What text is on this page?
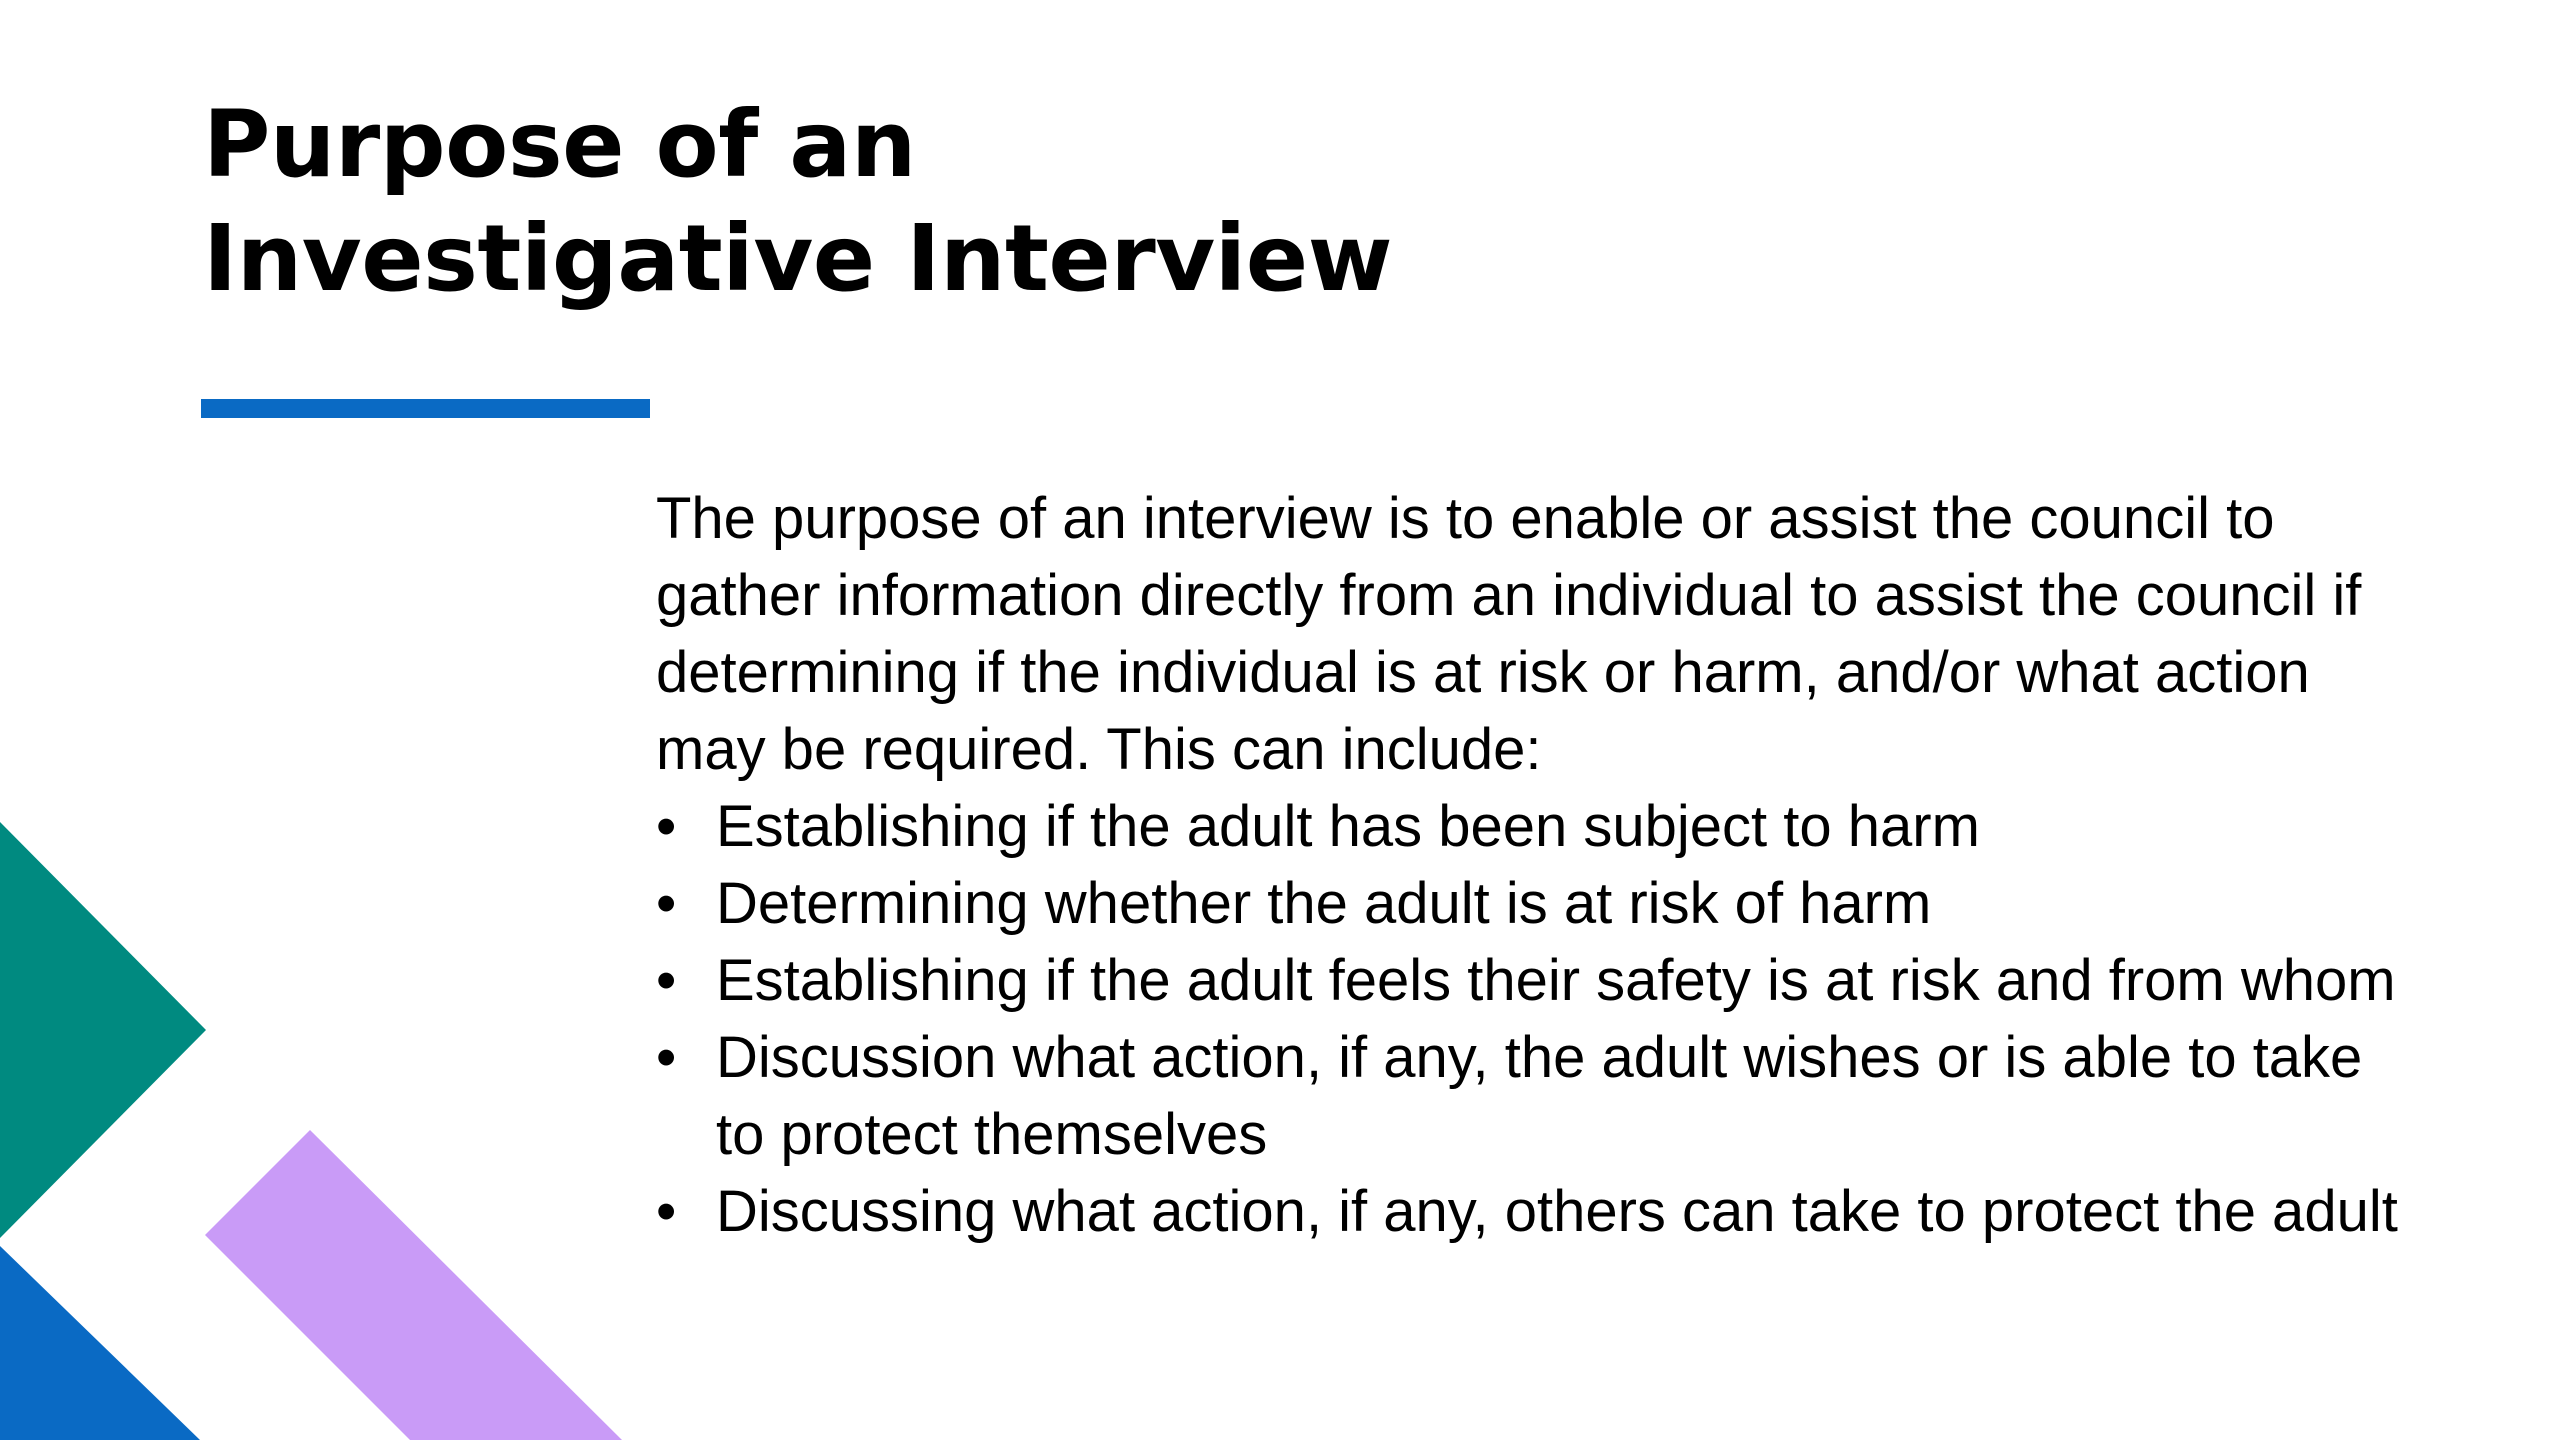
Purpose of an
Investigative Interview

The purpose of an interview is to enable or assist the council to gather information directly from an individual to assist the council if determining if the individual is at risk or harm, and/or what action may be required. This can include:

• Establishing if the adult has been subject to harm
• Determining whether the adult is at risk of harm
• Establishing if the adult feels their safety is at risk and from whom
• Discussion what action, if any, the adult wishes or is able to take to protect themselves
• Discussing what action, if any, others can take to protect the adult
